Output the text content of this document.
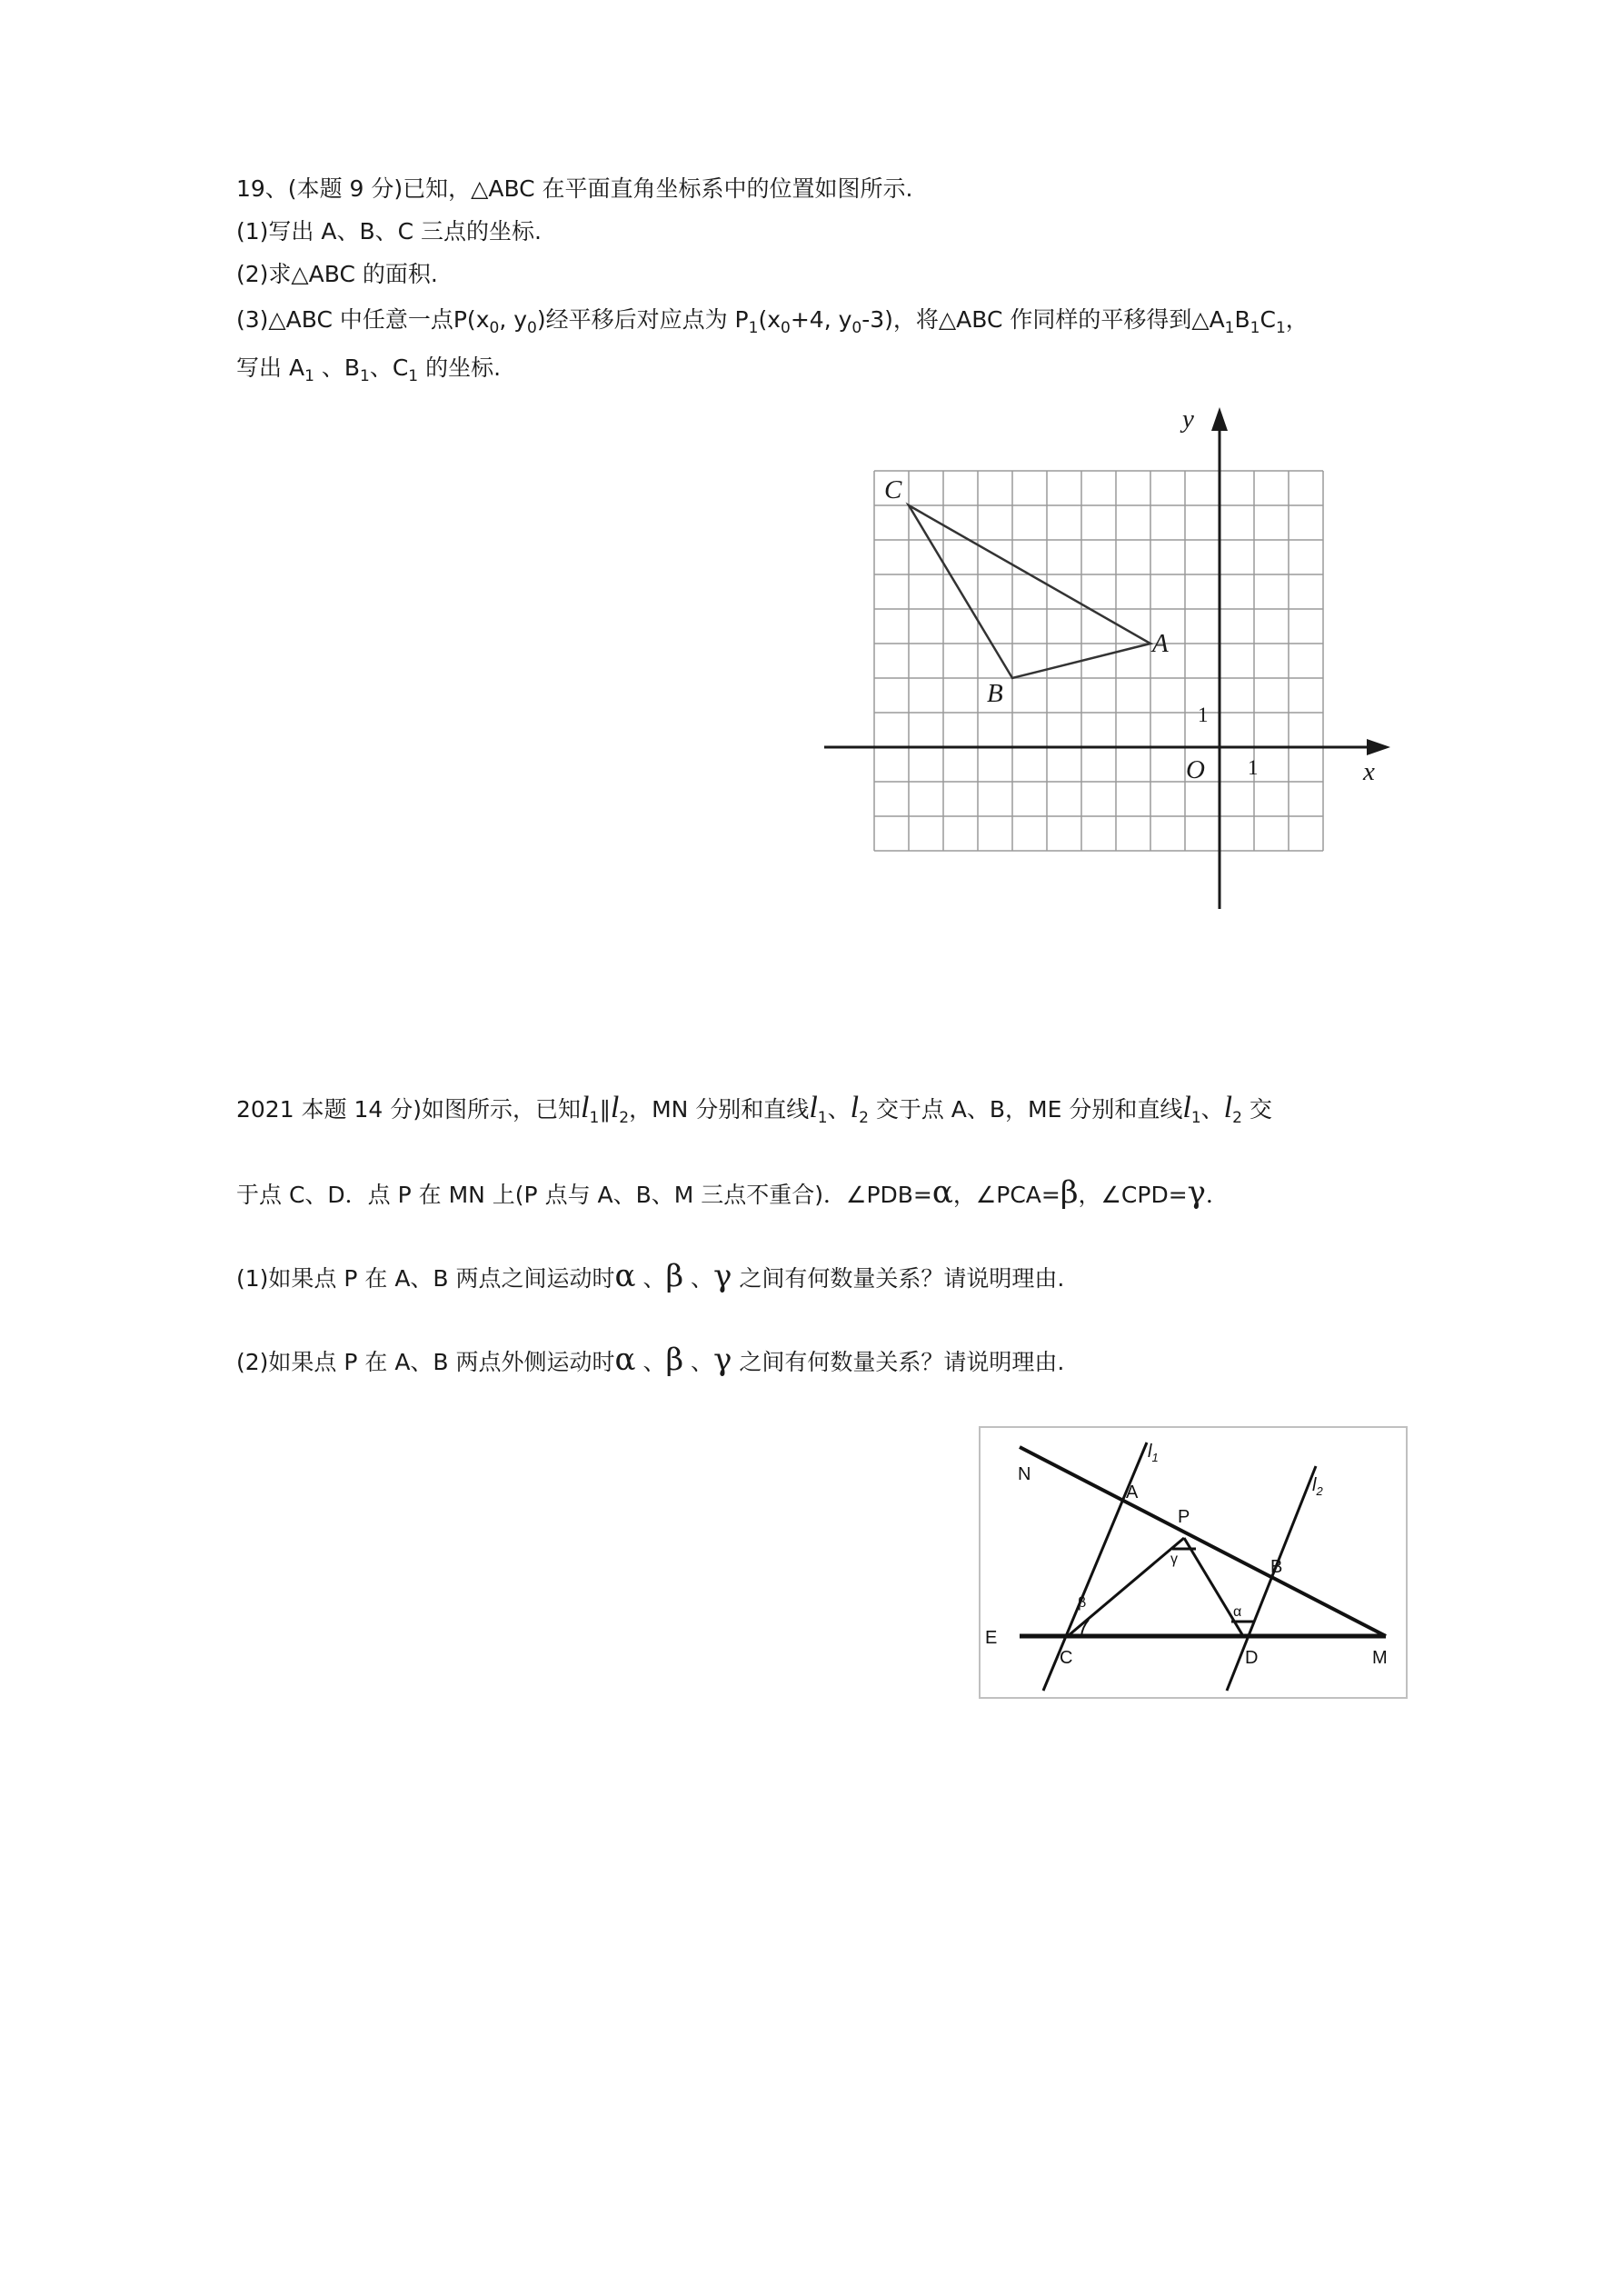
19、(本题 9 分)已知，△ABC 在平面直角坐标系中的位置如图所示.
(1)写出 A、B、C 三点的坐标.
(2)求△ABC 的面积.
(3)△ABC 中任意一点$P(x_0$, $y_0$)经平移后对应点为 $P_1(x_0+4$, $y_0-3$)，将△ABC 作同样的平移得到$\triangle A_1B_1C_1$，
写出 $A_1$ 、$B_1$、$C_1$ 的坐标.
C
A
B
O	x
y
1
1
2021 本题 14 分)如图所示，已知$l_1\parallel l_2$，MN 分别和直线$l_1$、$l_2$ 交于点 A、B，ME 分别和直线$l_1$、$l_2$ 交
于点 C、D．点 P 在 MN 上(P 点与 A、B、M 三点不重合)．∠PDB=α，∠PCA=β，∠CPD=γ．
(1)如果点 P 在 A、B 两点之间运动时α 、β 、γ 之间有何数量关系？请说明理由.
(2)如果点 P 在 A、B 两点外侧运动时α 、β 、γ 之间有何数量关系？请说明理由.
$l_1$
$l_2$
N
A
P
B
E
C	D	M
β
γ
α
